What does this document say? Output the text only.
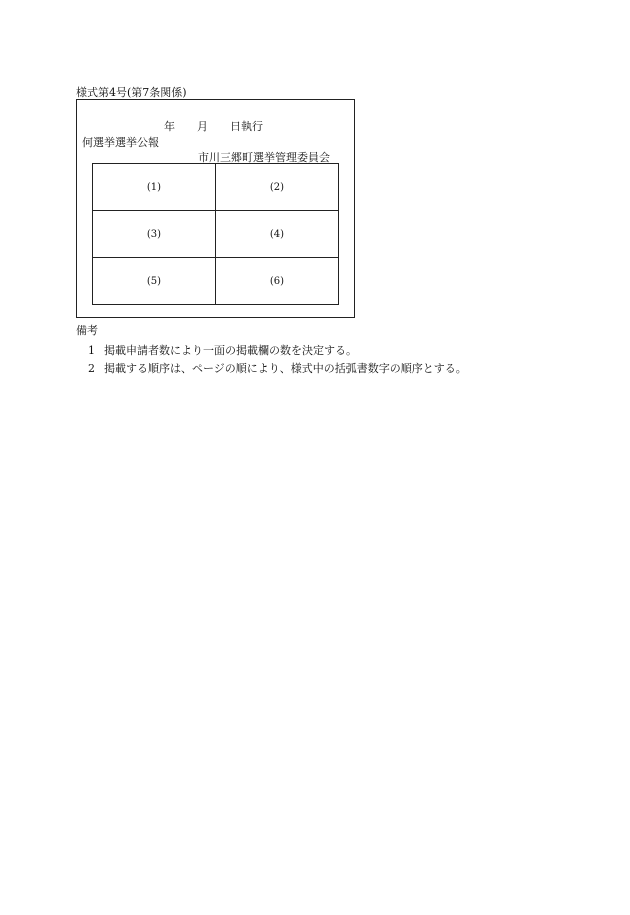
様式第4号(第7条関係)
年　　月　　日執行
何選挙選挙公報
市川三郷町選挙管理委員会
(1)	(2)
(3)	(4)
(5)	(6)
備考
1 掲載申請者数により一面の掲載欄の数を決定する。
2 掲載する順序は、ページの順により、様式中の括弧書数字の順序とする。
